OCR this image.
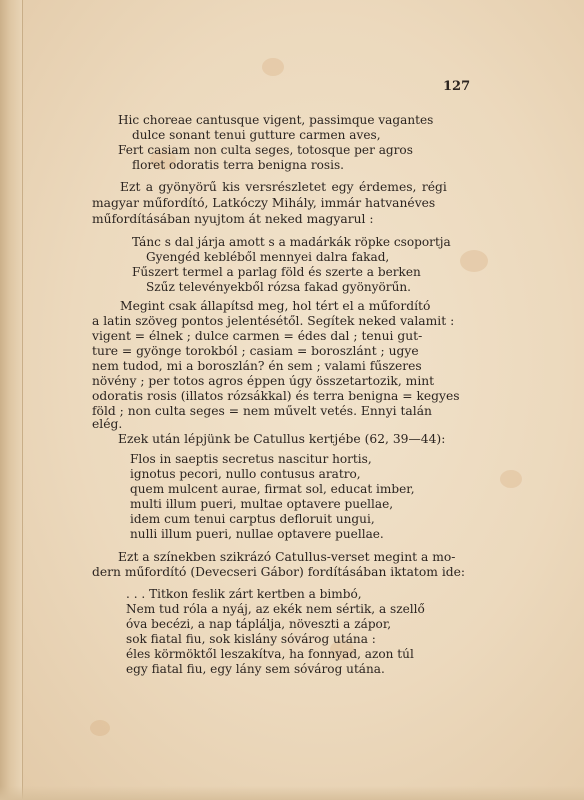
127
Hic choreae cantusque vigent, passimque vagantes
dulce sonant tenui gutture carmen aves,
Fert casiam non culta seges, totosque per agros
floret odoratis terra benigna rosis.
Ezt a gyönyörű kis versrészletet egy érdemes, régi
magyar műfordító, Latkóczy Mihály, immár hatvanéves
műfordításában nyujtom át neked magyarul :
Tánc s dal járja amott s a madárkák röpke csoportja
Gyengéd kebléből mennyei dalra fakad,
Fűszert termel a parlag föld és szerte a berken
Szűz televényekből rózsa fakad gyönyörűn.
Megint csak állapítsd meg, hol tért el a műfordító
a latin szöveg pontos jelentésétől. Segítek neked valamit :
vigent = élnek ; dulce carmen = édes dal ; tenui gut-
ture = gyönge torokból ; casiam = boroszlánt ; ugye
nem tudod, mi a boroszlán? én sem ; valami fűszeres
növény ; per totos agros éppen úgy összetartozik, mint
odoratis rosis (illatos rózsákkal) és terra benigna = kegyes
föld ; non culta seges = nem művelt vetés. Ennyi talán
elég.
Ezek után lépjünk be Catullus kertjébe (62, 39—44):
Flos in saeptis secretus nascitur hortis,
ignotus pecori, nullo contusus aratro,
quem mulcent aurae, firmat sol, educat imber,
multi illum pueri, multae optavere puellae,
idem cum tenui carptus defloruit ungui,
nulli illum pueri, nullae optavere puellae.
Ezt a színekben szikrázó Catullus-verset megint a mo-
dern műfordító (Devecseri Gábor) fordításában iktatom ide:
. . . Titkon feslik zárt kertben a bimbó,
Nem tud róla a nyáj, az ekék nem sértik, a szellő
óva becézi, a nap táplálja, növeszti a zápor,
sok fiatal fiu, sok kislány sóvárog utána :
éles körmöktől leszakítva, ha fonnyad, azon túl
egy fiatal fiu, egy lány sem sóvárog utána.
